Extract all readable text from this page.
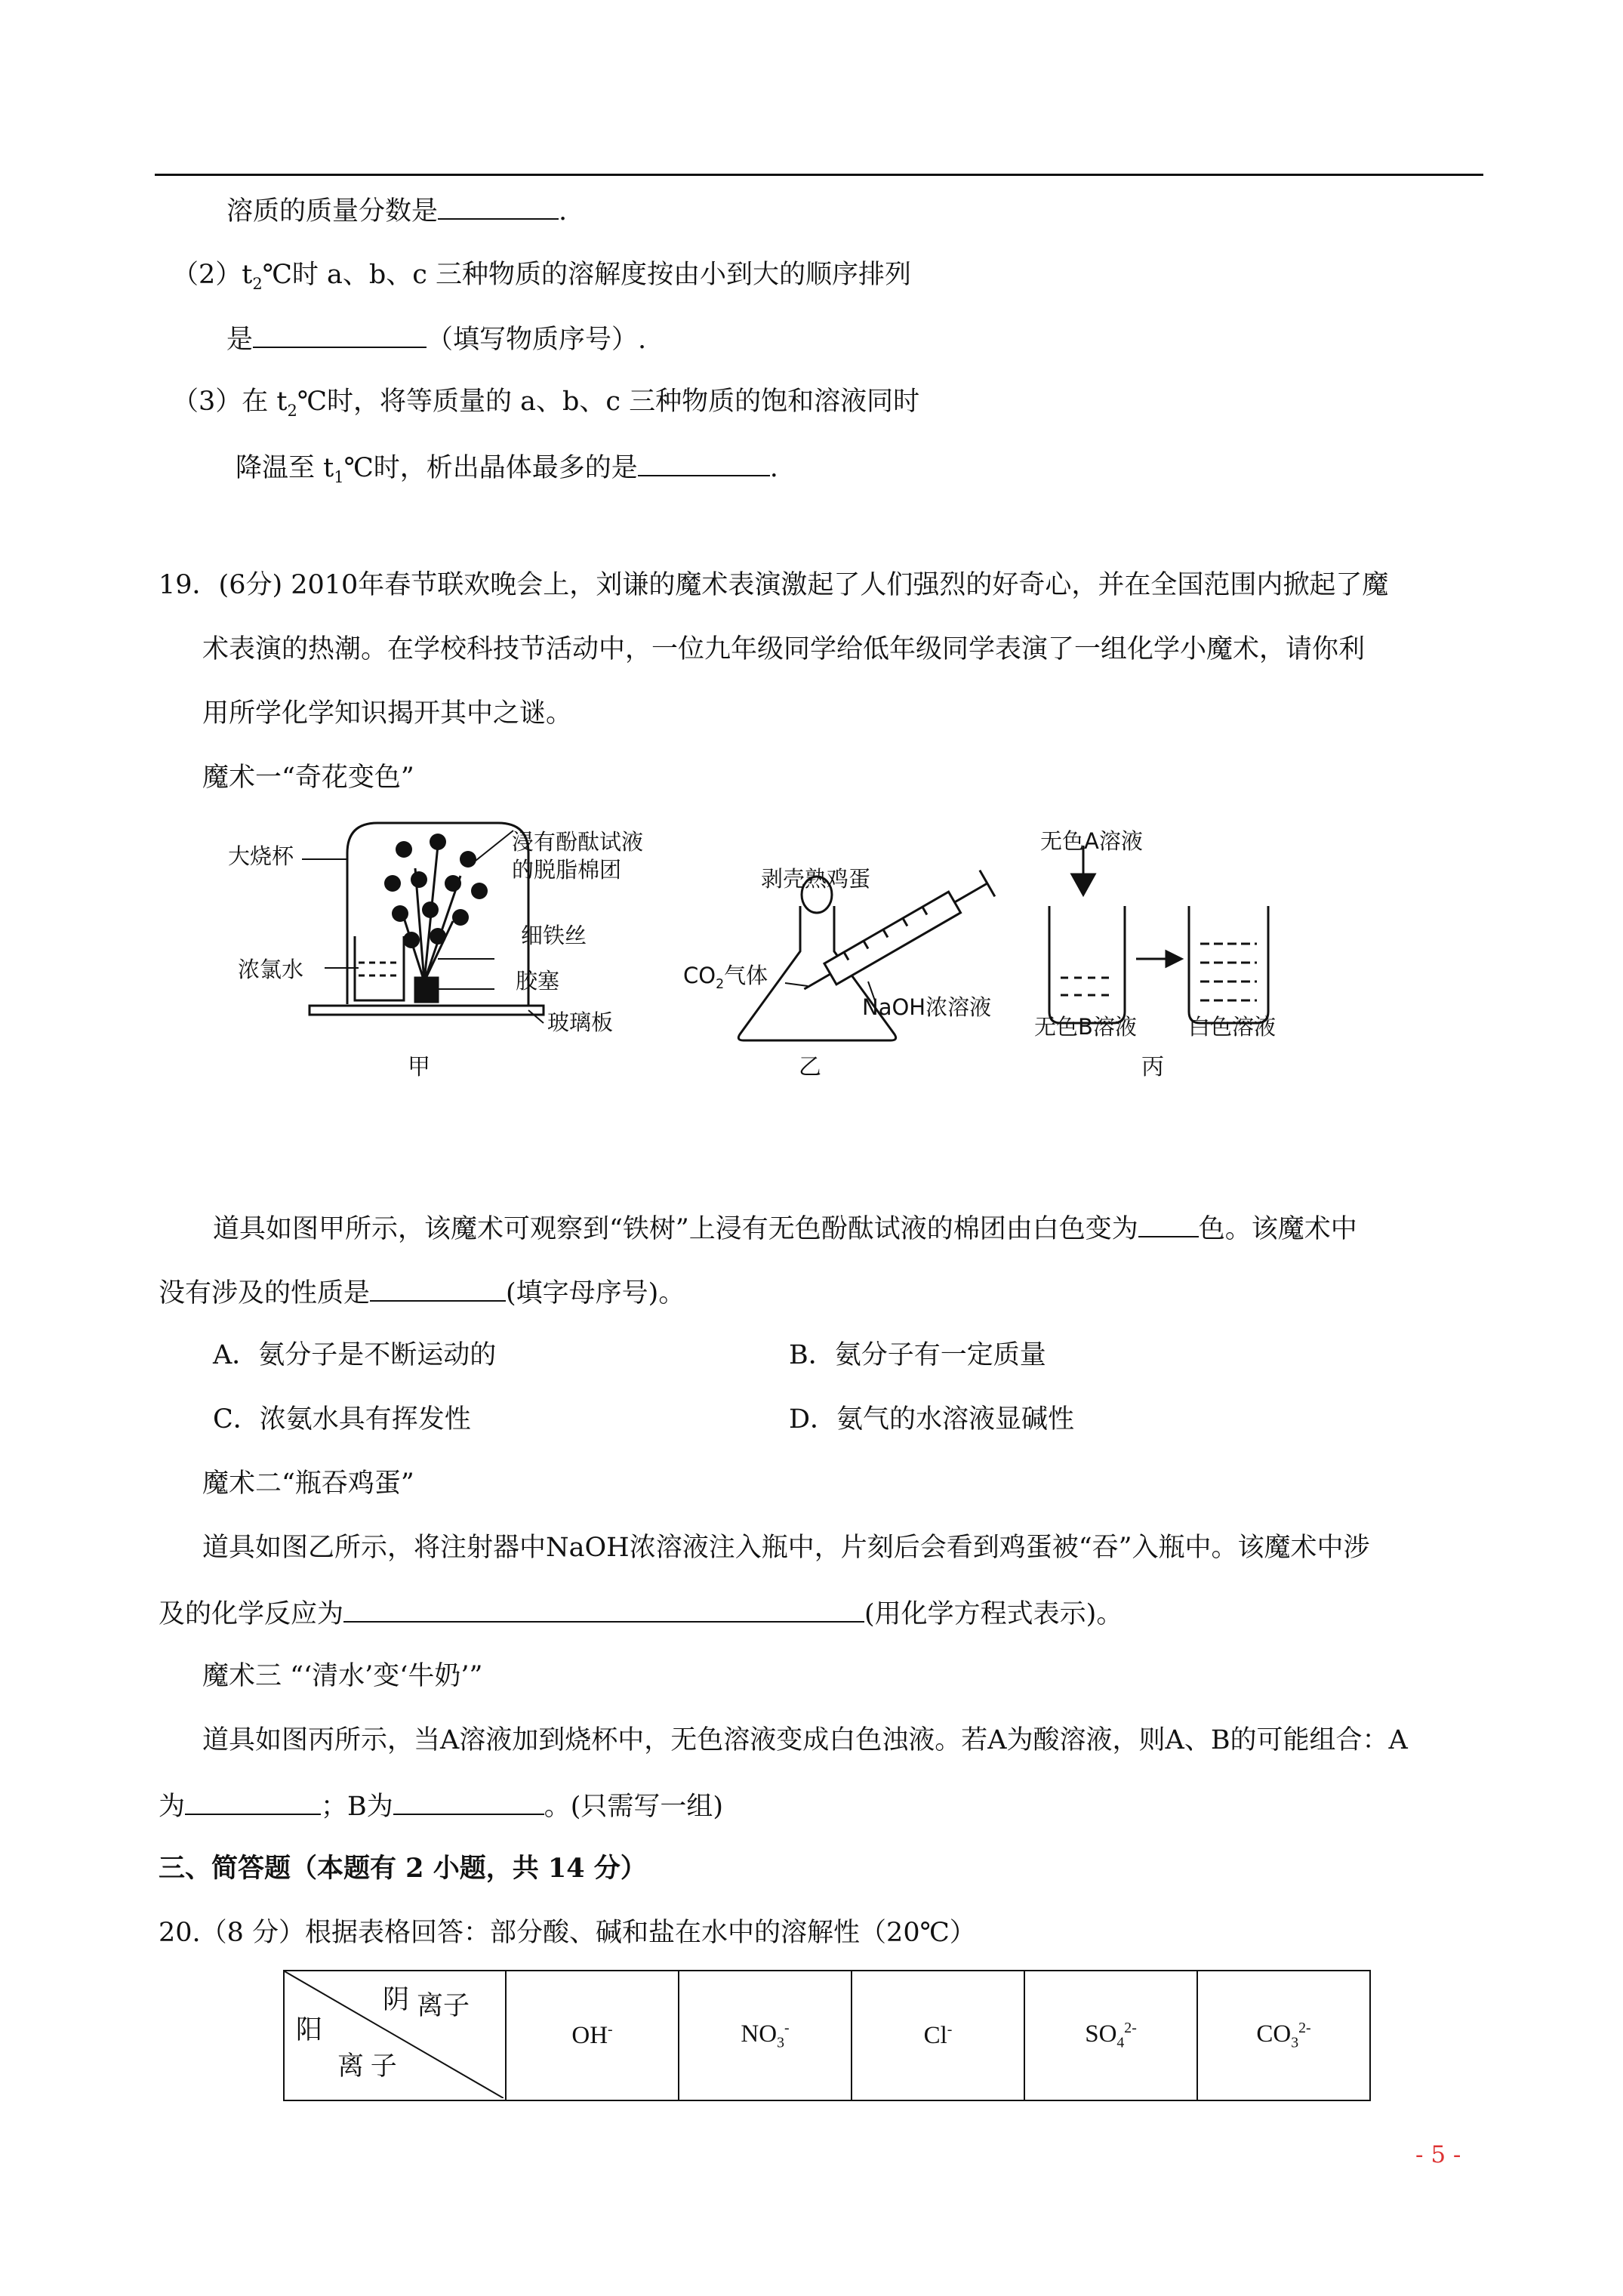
溶质的质量分数是	.
$(2)t_2℃$时 a、b、c 三种物质的溶解度按由小到大的顺序排列
是	（填写物质序号）.
（3）在 $t_2℃$时，将等质量的 a、b、c 三种物质的饱和溶液同时
降温至 $t_1℃$时，析出晶体最多的是	.
19．(6分) 2010年春节联欢晚会上，刘谦的魔术表演激起了人们强烈的好奇心，并在全国范围内掀起了魔
术表演的热潮。在学校科技节活动中，一位九年级同学给低年级同学表演了一组化学小魔术，请你利
用所学化学知识揭开其中之谜。
魔术一“奇花变色”
大烧杯
浸有酚酞试液
的脱脂棉团
细铁丝
浓氯水	胶塞
玻璃板
甲
剥壳熟鸡蛋
$CO_2$气体
NaOH浓溶液
乙
无色A溶液
无色B溶液 白色溶液
丙
道具如图甲所示，该魔术可观察到“铁树”上浸有无色酚酞试液的棉团由白色变为 色。该魔术中
没有涉及的性质是	(填字母序号)。
A．氨分子是不断运动的	B．氨分子有一定质量
C．浓氨水具有挥发性	D．氨气的水溶液显碱性
魔术二“瓶吞鸡蛋”
道具如图乙所示，将注射器中NaOH浓溶液注入瓶中，片刻后会看到鸡蛋被“吞”入瓶中。该魔术中涉
及的化学反应为	(用化学方程式表示)。
魔术三 “‘清水’变‘牛奶’”
道具如图丙所示，当A溶液加到烧杯中，无色溶液变成白色浊液。若A为酸溶液，则A、B的可能组合：A
为	；B为	。(只需写一组)
三、简答题（本题有 2 小题，共 14 分）
20.（8 分）根据表格回答：部分酸、碱和盐在水中的溶解性（20℃）
阴 离子
阳
离 子
	OH-	$NO_3^-$	Cl-	$SO_4^{2-}$	$CO_3^{2-}$
- 5 -
